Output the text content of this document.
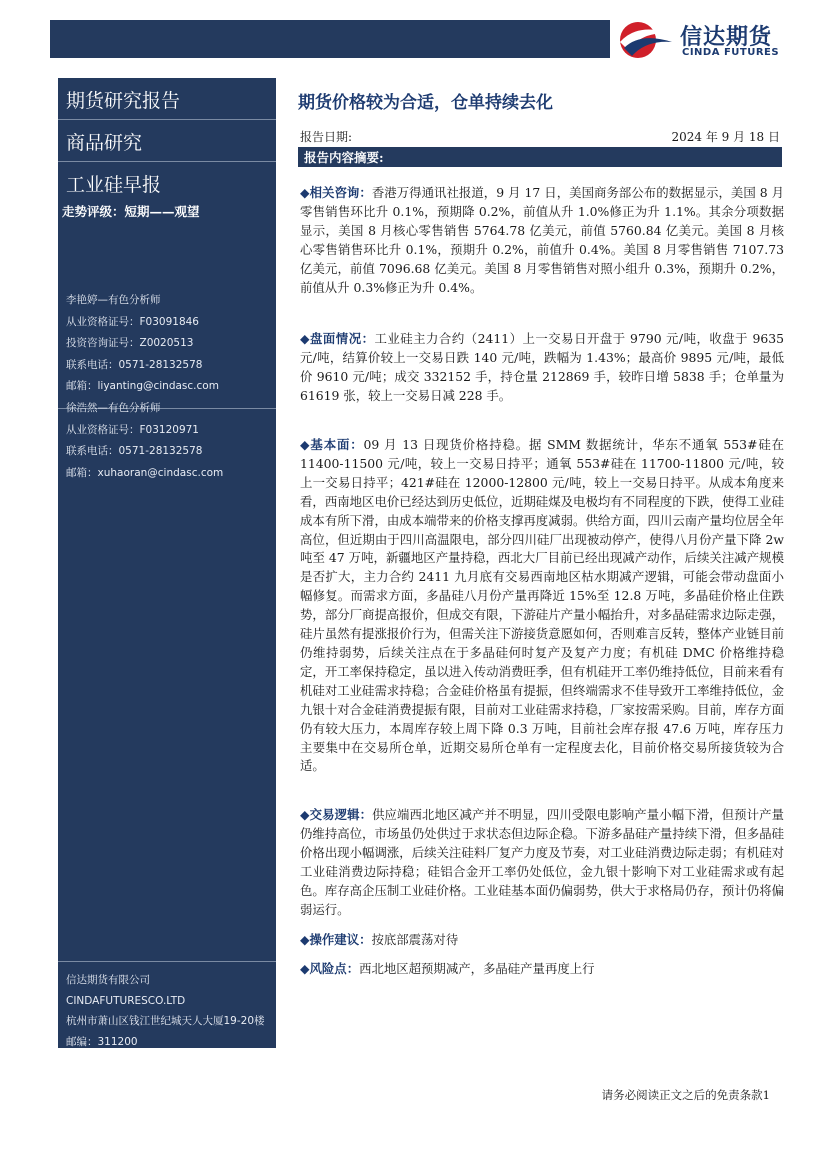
信达期货
CINDA FUTURES
期货研究报告
商品研究
工业硅早报
走势评级：短期——观望
李艳婷—有色分析师
从业资格证号：F03091846
投资咨询证号：Z0020513
联系电话：0571-28132578
邮箱：liyanting@cindasc.com
徐浩然—有色分析师
从业资格证号：F03120971
联系电话：0571-28132578
邮箱：xuhaoran@cindasc.com
信达期货有限公司
CINDAFUTURESCO.LTD
杭州市萧山区钱江世纪城天人大厦19-20楼
邮编：311200
期货价格较为合适，仓单持续去化
报告日期:	2024 年 9 月 18 日
报告内容摘要:
◆相关咨询：香港万得通讯社报道，9 月 17 日，美国商务部公布的数据显示，美国 8 月零售销售环比升 0.1%，预期降 0.2%，前值从升 1.0%修正为升 1.1%。其余分项数据显示，美国 8 月核心零售销售 5764.78 亿美元，前值 5760.84 亿美元。美国 8 月核心零售销售环比升 0.1%，预期升 0.2%，前值升 0.4%。美国 8 月零售销售 7107.73 亿美元，前值 7096.68 亿美元。美国 8 月零售销售对照小组升 0.3%，预期升 0.2%，前值从升 0.3%修正为升 0.4%。
◆盘面情况：工业硅主力合约（2411）上一交易日开盘于 9790 元/吨，收盘于 9635 元/吨，结算价较上一交易日跌 140 元/吨，跌幅为 1.43%；最高价 9895 元/吨，最低价 9610 元/吨；成交 332152 手，持仓量 212869 手，较昨日增 5838 手；仓单量为 61619 张，较上一交易日减 228 手。
◆基本面：09 月 13 日现货价格持稳。据 SMM 数据统计，华东不通氧 553#硅在 11400-11500 元/吨，较上一交易日持平；通氧 553#硅在 11700-11800 元/吨，较上一交易日持平；421#硅在 12000-12800 元/吨，较上一交易日持平。从成本角度来看，西南地区电价已经达到历史低位，近期硅煤及电极均有不同程度的下跌，使得工业硅成本有所下滑，由成本端带来的价格支撑再度减弱。供给方面，四川云南产量均位居全年高位，但近期由于四川高温限电，部分四川硅厂出现被动停产，使得八月份产量下降 2w 吨至 47 万吨，新疆地区产量持稳，西北大厂目前已经出现减产动作，后续关注减产规模是否扩大，主力合约 2411 九月底有交易西南地区枯水期减产逻辑，可能会带动盘面小幅修复。而需求方面，多晶硅八月份产量再降近 15%至 12.8 万吨，多晶硅价格止住跌势，部分厂商提高报价，但成交有限，下游硅片产量小幅抬升，对多晶硅需求边际走强，硅片虽然有提涨报价行为，但需关注下游接货意愿如何，否则难言反转，整体产业链目前仍维持弱势，后续关注点在于多晶硅何时复产及复产力度；有机硅 DMC 价格维持稳定，开工率保持稳定，虽以进入传动消费旺季，但有机硅开工率仍维持低位，目前来看有机硅对工业硅需求持稳；合金硅价格虽有提振，但终端需求不佳导致开工率维持低位，金九银十对合金硅消费提振有限，目前对工业硅需求持稳，厂家按需采购。目前，库存方面仍有较大压力，本周库存较上周下降 0.3 万吨，目前社会库存报 47.6 万吨，库存压力主要集中在交易所仓单，近期交易所仓单有一定程度去化，目前价格交易所接货较为合适。
◆交易逻辑：供应端西北地区减产并不明显，四川受限电影响产量小幅下滑，但预计产量仍维持高位，市场虽仍处供过于求状态但边际企稳。下游多晶硅产量持续下滑，但多晶硅价格出现小幅调涨，后续关注硅料厂复产力度及节奏，对工业硅消费边际走弱；有机硅对工业硅消费边际持稳；硅铝合金开工率仍处低位，金九银十影响下对工业硅需求或有起色。库存高企压制工业硅价格。工业硅基本面仍偏弱势，供大于求格局仍存，预计仍将偏弱运行。
◆操作建议：按底部震荡对待
◆风险点：西北地区超预期减产，多晶硅产量再度上行
请务必阅读正文之后的免责条款1
